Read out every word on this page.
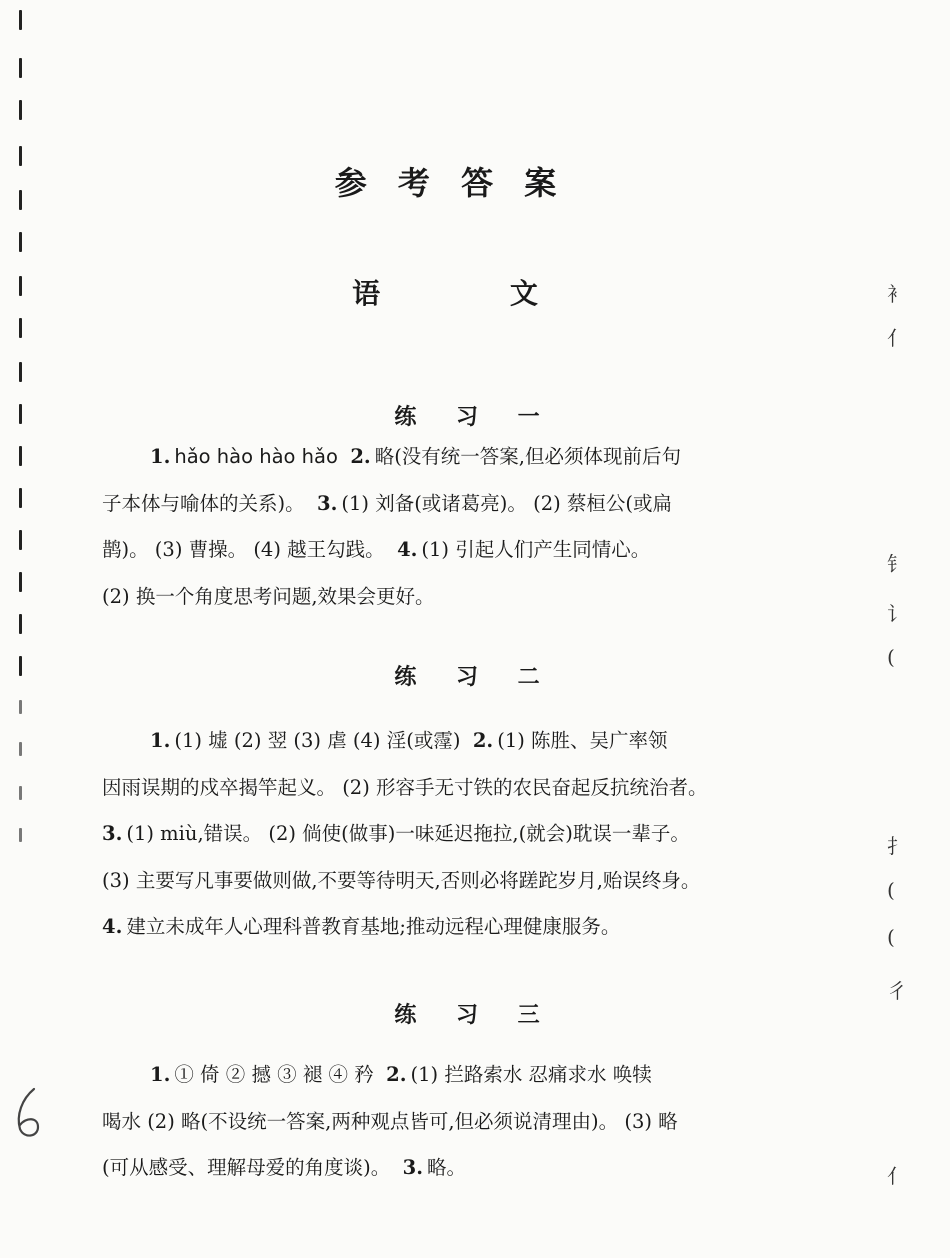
参 考 答 案
语 文
练 习 一
1. hǎo hào hào hǎo 2. 略(没有统一答案,但必须体现前后句
子本体与喻体的关系)。 3. (1) 刘备(或诸葛亮)。 (2) 蔡桓公(或扁
鹊)。 (3) 曹操。 (4) 越王勾践。 4. (1) 引起人们产生同情心。
(2) 换一个角度思考问题,效果会更好。
练 习 二
1. (1) 墟 (2) 翌 (3) 虐 (4) 淫(或霪) 2. (1) 陈胜、吴广率领
因雨误期的戍卒揭竿起义。 (2) 形容手无寸铁的农民奋起反抗统治者。
3. (1) miù,错误。 (2) 倘使(做事)一味延迟拖拉,(就会)耽误一辈子。
(3) 主要写凡事要做则做,不要等待明天,否则必将蹉跎岁月,贻误终身。
4. 建立未成年人心理科普教育基地;推动远程心理健康服务。
练 习 三
1. ① 倚 ② 撼 ③ 褪 ④ 矜 2. (1) 拦路索水 忍痛求水 唤犊
喝水 (2) 略(不设统一答案,两种观点皆可,但必须说清理由)。 (3) 略
(可从感受、理解母爱的角度谈)。 3. 略。
衤
亻
钅
讠
(
扌
(
(
彳
亻
